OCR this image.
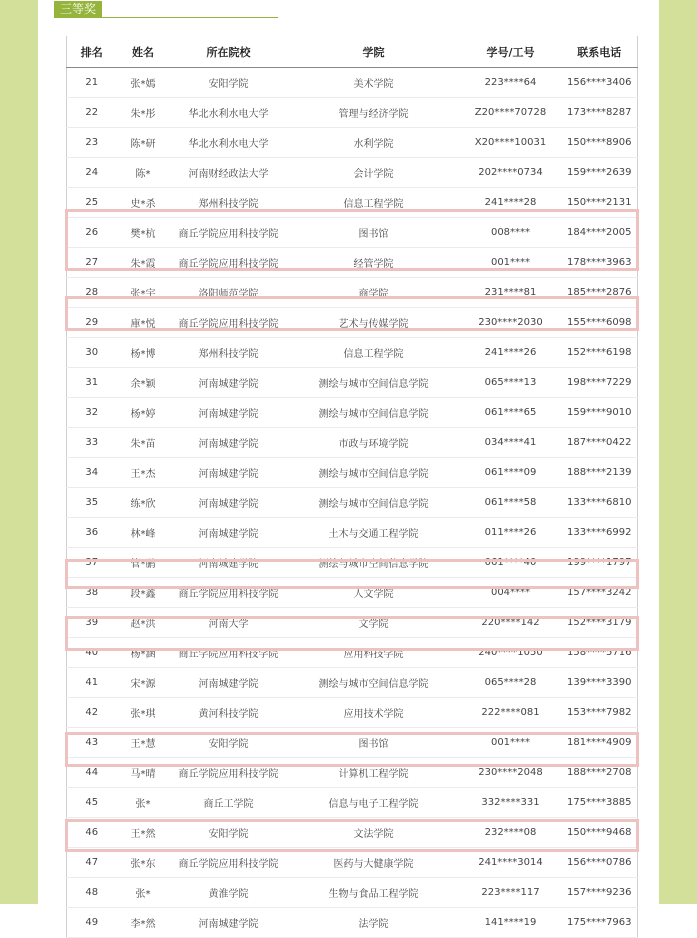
三等奖
排名	姓名	所在院校	学院	学号/工号	联系电话
21	张*嫣	安阳学院	美术学院	223****64	156****3406
22	朱*彤	华北水利水电大学	管理与经济学院	Z20****70728	173****8287
23	陈*研	华北水利水电大学	水利学院	X20****10031	150****8906
24	陈*	河南财经政法大学	会计学院	202****0734	159****2639
25	史*杀	郑州科技学院	信息工程学院	241****28	150****2131
26	樊*杭	商丘学院应用科技学院	图书馆	008****	184****2005
27	朱*霞	商丘学院应用科技学院	经管学院	001****	178****3963
28	张*宇	洛阳师范学院	商学院	231****81	185****2876
29	庫*悦	商丘学院应用科技学院	艺术与传媒学院	230****2030	155****6098
30	杨*博	郑州科技学院	信息工程学院	241****26	152****6198
31	余*颖	河南城建学院	测绘与城市空间信息学院	065****13	198****7229
32	杨*婷	河南城建学院	测绘与城市空间信息学院	061****65	159****9010
33	朱*苗	河南城建学院	市政与环境学院	034****41	187****0422
34	王*杰	河南城建学院	测绘与城市空间信息学院	061****09	188****2139
35	练*欣	河南城建学院	测绘与城市空间信息学院	061****58	133****6810
36	林*峰	河南城建学院	土木与交通工程学院	011****26	133****6992
37	管*鹏	河南城建学院	测绘与城市空间信息学院	061****40	199****1797
38	段*鑫	商丘学院应用科技学院	人文学院	004****	157****3242
39	赵*洪	河南大学	文学院	220****142	152****3179
40	杨*涵	商丘学院应用科技学院	应用科技学院	240****1050	158****5716
41	宋*源	河南城建学院	测绘与城市空间信息学院	065****28	139****3390
42	张*琪	黄河科技学院	应用技术学院	222****081	153****7982
43	王*慧	安阳学院	图书馆	001****	181****4909
44	马*晴	商丘学院应用科技学院	计算机工程学院	230****2048	188****2708
45	张*	商丘工学院	信息与电子工程学院	332****331	175****3885
46	王*然	安阳学院	文法学院	232****08	150****9468
47	张*东	商丘学院应用科技学院	医药与大健康学院	241****3014	156****0786
48	张*	黄淮学院	生物与食品工程学院	223****117	157****9236
49	李*然	河南城建学院	法学院	141****19	175****7963
